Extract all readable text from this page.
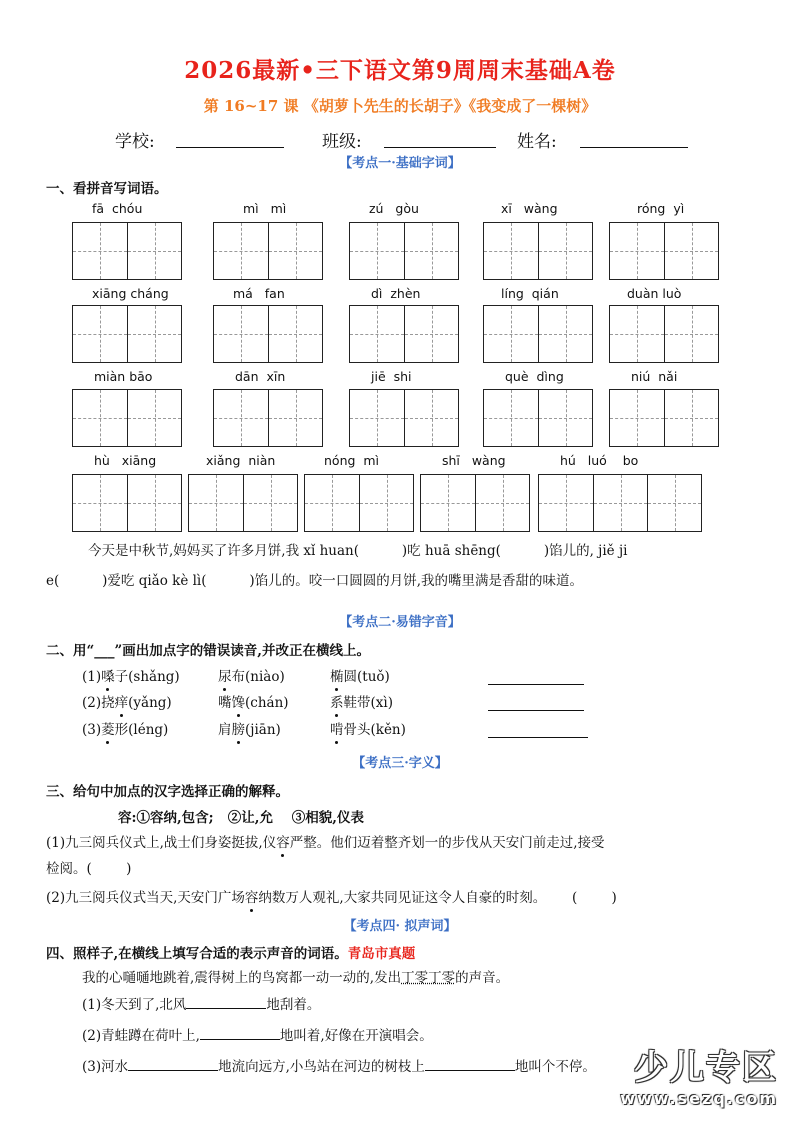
2026最新•三下语文第9周周末基础A卷
第 16~17 课 《胡萝卜先生的长胡子》《我变成了一棵树》
学校:	班级:	姓名:
【考点一·基础字词】
一、看拼音写词语。
fā  chóu	mì   mì	zú   gòu	xī   wàng	róng  yì
xiāng cháng	má   fan	dì  zhèn	líng  qián	duàn luò
miàn bāo	dān  xīn	jiē  shi	què  dìng	niú  nǎi
hù   xiāng	xiǎng  niàn	nóng  mì	shī   wàng	hú   luó    bo
今天是中秋节,妈妈买了许多月饼,我 xǐ huan(          )吃 huā shēng(          )馅儿的, jiě ji
e(          )爱吃 qiǎo kè lì(          )馅儿的。咬一口圆圆的月饼,我的嘴里满是香甜的味道。
【考点二·易错字音】
二、用“___”画出加点字的错误读音,并改正在横线上。
(1)嗓子(shǎng)	尿布(niào)	椭圆(tuǒ)
(2)挠痒(yǎng)	嘴馋(chán)	系鞋带(xì)
(3)菱形(léng)	肩膀(jiān)	啃骨头(kěn)
【考点三·字义】
三、给句中加点的汉字选择正确的解释。
容:①容纳,包含;   ②让,允    ③相貌,仪表
(1)九三阅兵仪式上,战士们身姿挺拔,仪容严整。他们迈着整齐划一的步伐从天安门前走过,接受
检阅。(        )
(2)九三阅兵仪式当天,天安门广场容纳数万人观礼,大家共同见证这令人自豪的时刻。      (        )
【考点四· 拟声词】
四、照样子,在横线上填写合适的表示声音的词语。青岛市真题
我的心嗵嗵地跳着,震得树上的鸟窝都一动一动的,发出丁零丁零的声音。
(1)冬天到了,北风	地刮着。
(2)青蛙蹲在荷叶上,	地叫着,好像在开演唱会。
(3)河水	地流向远方,小鸟站在河边的树枝上	地叫个不停。	少儿专区
www.sezq.com
